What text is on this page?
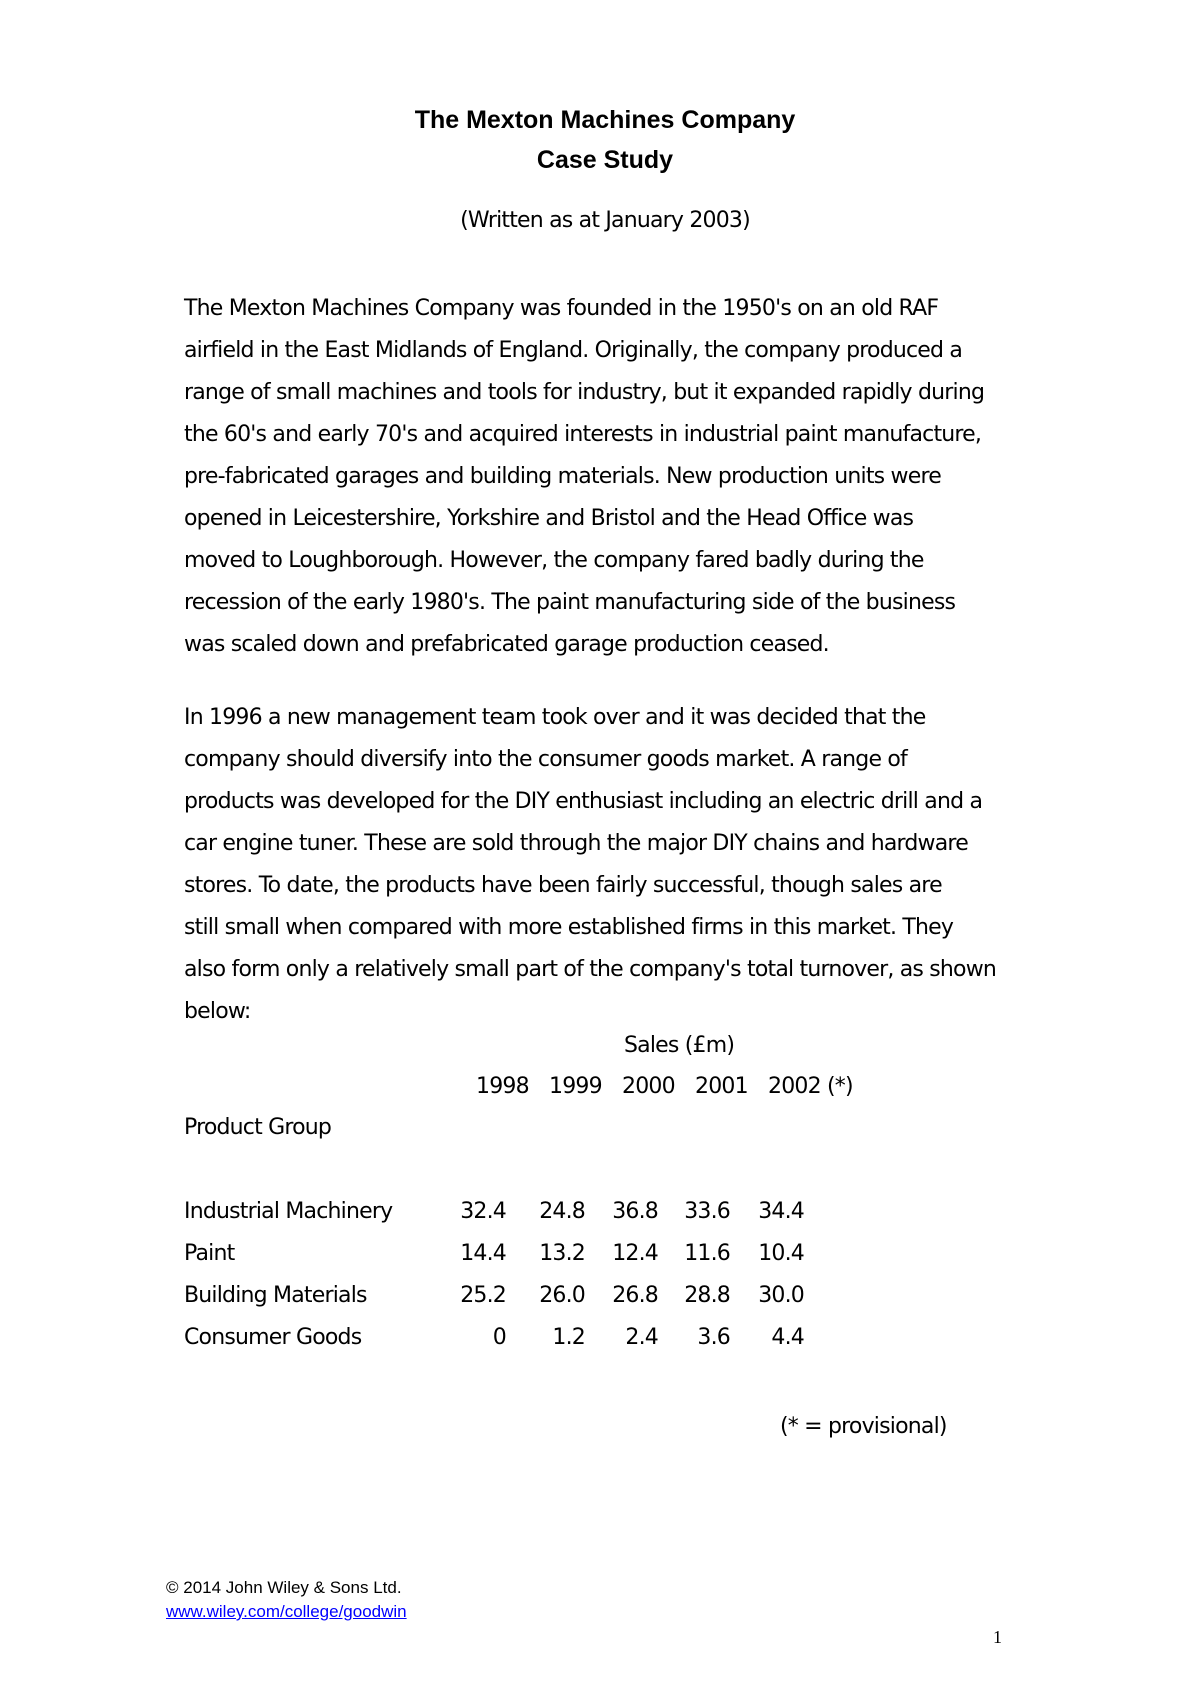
The Mexton Machines Company
Case Study
(Written as at January 2003)
The Mexton Machines Company was founded in the 1950's on an old RAF
airfield in the East Midlands of England. Originally, the company produced a
range of small machines and tools for industry, but it expanded rapidly during
the 60's and early 70's and acquired interests in industrial paint manufacture,
pre-fabricated garages and building materials. New production units were
opened in Leicestershire, Yorkshire and Bristol and the Head Office was
moved to Loughborough. However, the company fared badly during the
recession of the early 1980's. The paint manufacturing side of the business
was scaled down and prefabricated garage production ceased.
In 1996 a new management team took over and it was decided that the
company should diversify into the consumer goods market. A range of
products was developed for the DIY enthusiast including an electric drill and a
car engine tuner. These are sold through the major DIY chains and hardware
stores. To date, the products have been fairly successful, though sales are
still small when compared with more established firms in this market. They
also form only a relatively small part of the company's total turnover, as shown
below:
Sales (£m)
1998 1999 2000 2001 2002 (*)
Product Group
Industrial Machinery	32.4	24.8	36.8	33.6	34.4
Paint	14.4	13.2	12.4	11.6	10.4
Building Materials	25.2	26.0	26.8	28.8	30.0
Consumer Goods	0	1.2	2.4	3.6	4.4
(* = provisional)
© 2014 John Wiley & Sons Ltd.
www.wiley.com/college/goodwin
1
